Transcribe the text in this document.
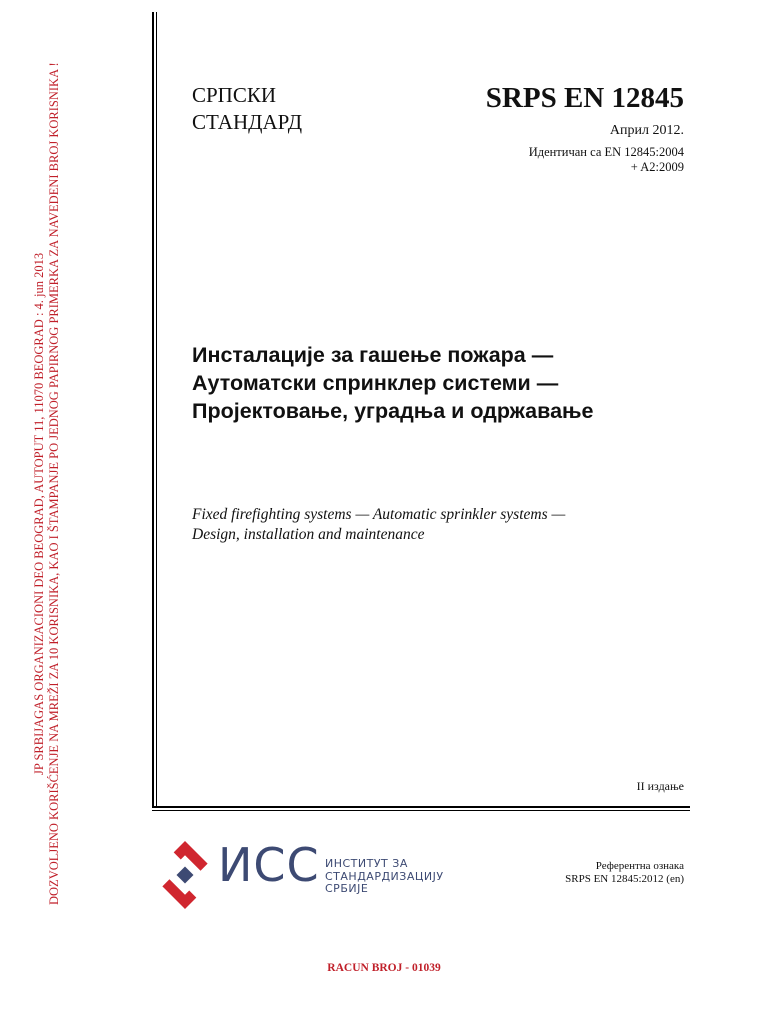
JP SRBIJAGAS ORGANIZACIONI DEO BEOGRAD, AUTOPUT 11, 11070 BEOGRAD : 4. jun 2013 DOZVOLJENO KORIŠĆENJE NA MREŽI ZA 10 KORISNIKA, KAO I ŠTAMPANJE PO JEDNOG PAPIRNOG PRIMERKA ZA NAVEDENI BROJ KORISNIKA !	СРПСКИ
СТАНДАРД
SRPS EN 12845
Април 2012.
Идентичан са EN 12845:2004
+ A2:2009
Инсталације за гашење пожара —
Аутоматски спринклер системи —
Пројектовање, уградња и одржавање
Fixed firefighting systems — Automatic sprinkler systems —
Design, installation and maintenance
II издање
ИСС ИНСТИТУТ ЗА
СТАНДАРДИЗАЦИЈУ
СРБИЈЕ
Референтна ознака
SRPS EN 12845:2012 (en)
RACUN BROJ - 01039
